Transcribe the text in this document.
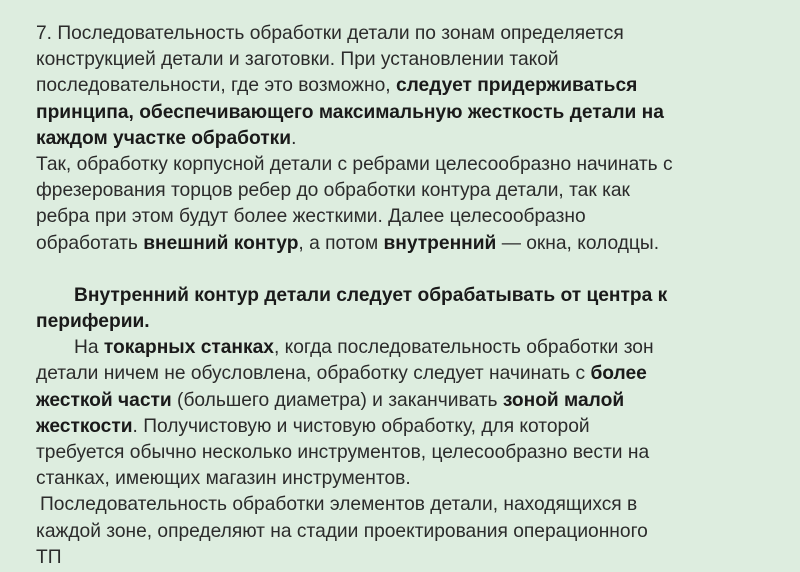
7. Последовательность обработки детали по зонам определяется

конструкцией детали и заготовки. При установлении такой

последовательности, где это возможно, следует придерживаться

принципа, обеспечивающего максимальную жесткость детали на

каждом участке обработки.

Так, обработку корпусной детали с ребрами целесообразно начинать с

фрезерования торцов ребер до обработки контура детали, так как

ребра при этом будут более жесткими. Далее целесообразно

обработать внешний контур, а потом внутренний — окна, колодцы.

Внутренний контур детали следует обрабатывать от центра к

периферии.

На токарных станках, когда последовательность обработки зон

детали ничем не обусловлена, обработку следует начинать с более

жесткой части (большего диаметра) и заканчивать зоной малой

жесткости. Получистовую и чистовую обработку, для которой

требуется обычно несколько инструментов, целесообразно вести на

станках, имеющих магазин инструментов.

Последовательность обработки элементов детали, находящихся в

каждой зоне, определяют на стадии проектирования операционного

ТП
